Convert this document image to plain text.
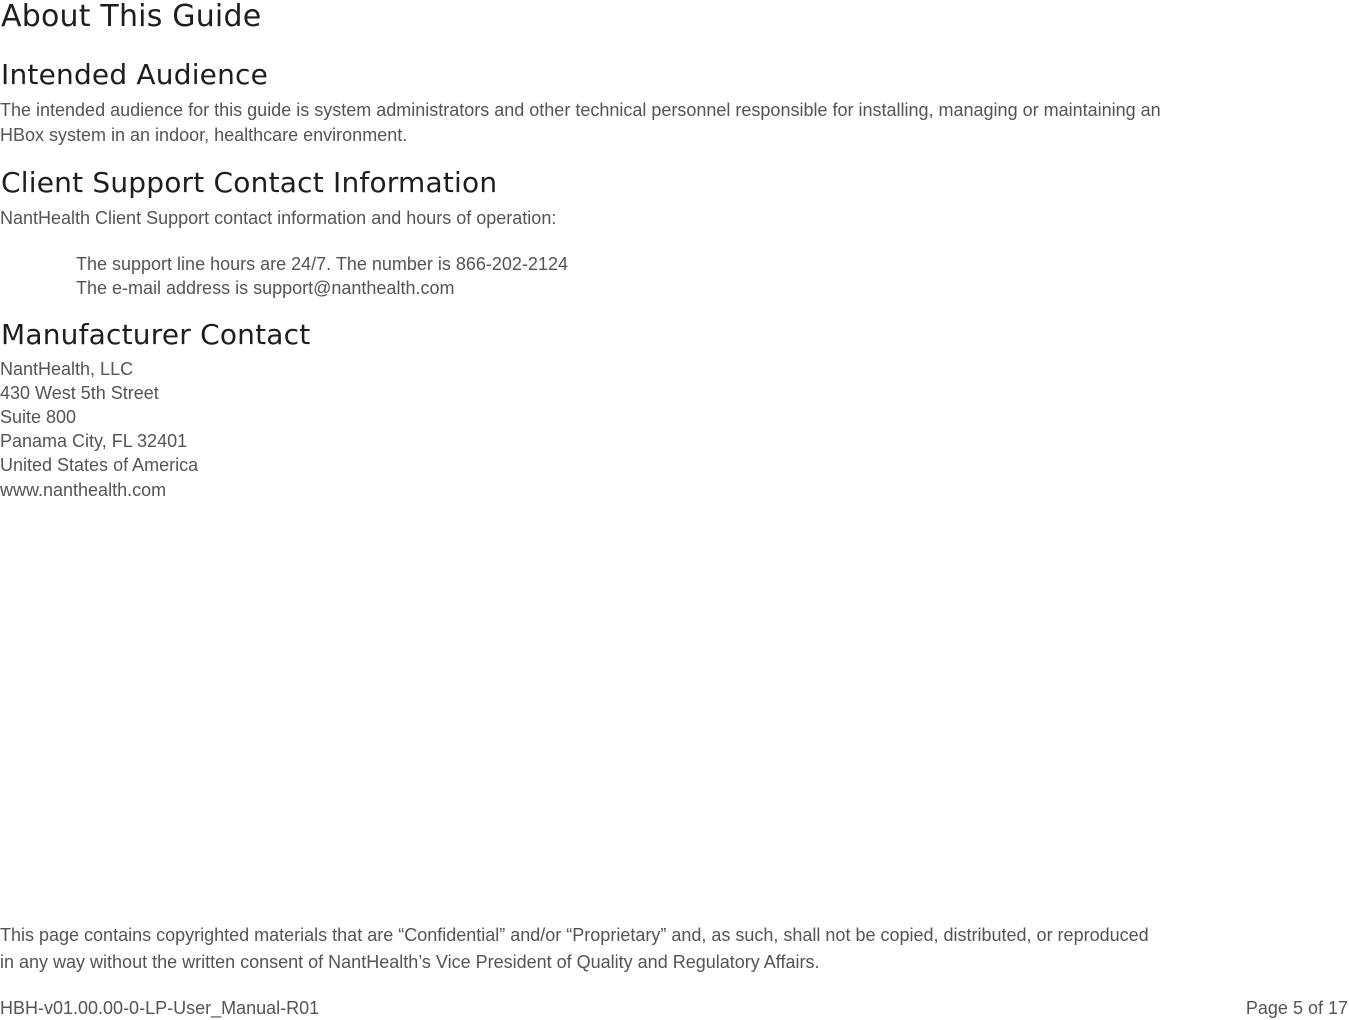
About This Guide
Intended Audience
The intended audience for this guide is system administrators and other technical personnel responsible for installing, managing or maintaining an
HBox system in an indoor, healthcare environment.
Client Support Contact Information
NantHealth Client Support contact information and hours of operation:
The support line hours are 24/7. The number is 866-202-2124
The e-mail address is support@nanthealth.com
Manufacturer Contact
NantHealth, LLC
430 West 5th Street
Suite 800
Panama City, FL 32401
United States of America
www.nanthealth.com
This page contains copyrighted materials that are “Confidential” and/or “Proprietary” and, as such, shall not be copied, distributed, or reproduced
in any way without the written consent of NantHealth’s Vice President of Quality and Regulatory Affairs.
HBH-v01.00.00-0-LP-User_Manual-R01	Page 5 of 17
